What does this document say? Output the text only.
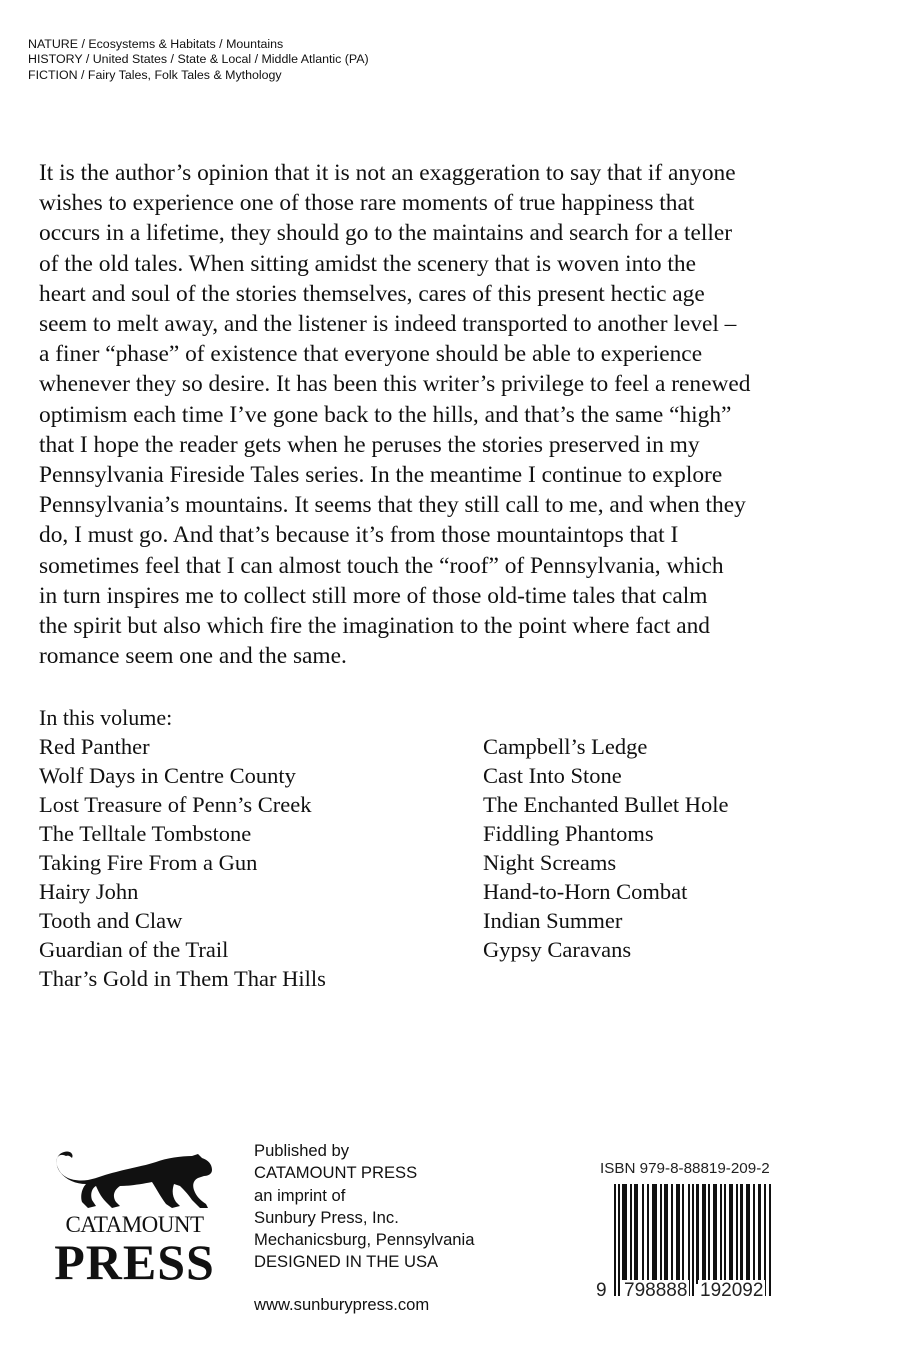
NATURE / Ecosystems & Habitats / Mountains
HISTORY / United States / State & Local / Middle Atlantic (PA)
FICTION / Fairy Tales, Folk Tales & Mythology
It is the author’s opinion that it is not an exaggeration to say that if anyone
wishes to experience one of those rare moments of true happiness that
occurs in a lifetime, they should go to the maintains and search for a teller
of the old tales. When sitting amidst the scenery that is woven into the
heart and soul of the stories themselves, cares of this present hectic age
seem to melt away, and the listener is indeed transported to another level –
a finer “phase” of existence that everyone should be able to experience
whenever they so desire. It has been this writer’s privilege to feel a renewed
optimism each time I’ve gone back to the hills, and that’s the same “high”
that I hope the reader gets when he peruses the stories preserved in my
Pennsylvania Fireside Tales series. In the meantime I continue to explore
Pennsylvania’s mountains. It seems that they still call to me, and when they
do, I must go. And that’s because it’s from those mountaintops that I
sometimes feel that I can almost touch the “roof” of Pennsylvania, which
in turn inspires me to collect still more of those old-time tales that calm
the spirit but also which fire the imagination to the point where fact and
romance seem one and the same.
In this volume:
Red Panther
Wolf Days in Centre County
Lost Treasure of Penn’s Creek
The Telltale Tombstone
Taking Fire From a Gun
Hairy John
Tooth and Claw
Guardian of the Trail
Thar’s Gold in Them Thar Hills
Campbell’s Ledge
Cast Into Stone
The Enchanted Bullet Hole
Fiddling Phantoms
Night Screams
Hand-to-Horn Combat
Indian Summer
Gypsy Caravans
CATAMOUNT
PRESS
Published by
CATAMOUNT PRESS
an imprint of
Sunbury Press, Inc.
Mechanicsburg, Pennsylvania
DESIGNED IN THE USA
www.sunburypress.com
ISBN 979-8-88819-209-2
9 798888 192092
